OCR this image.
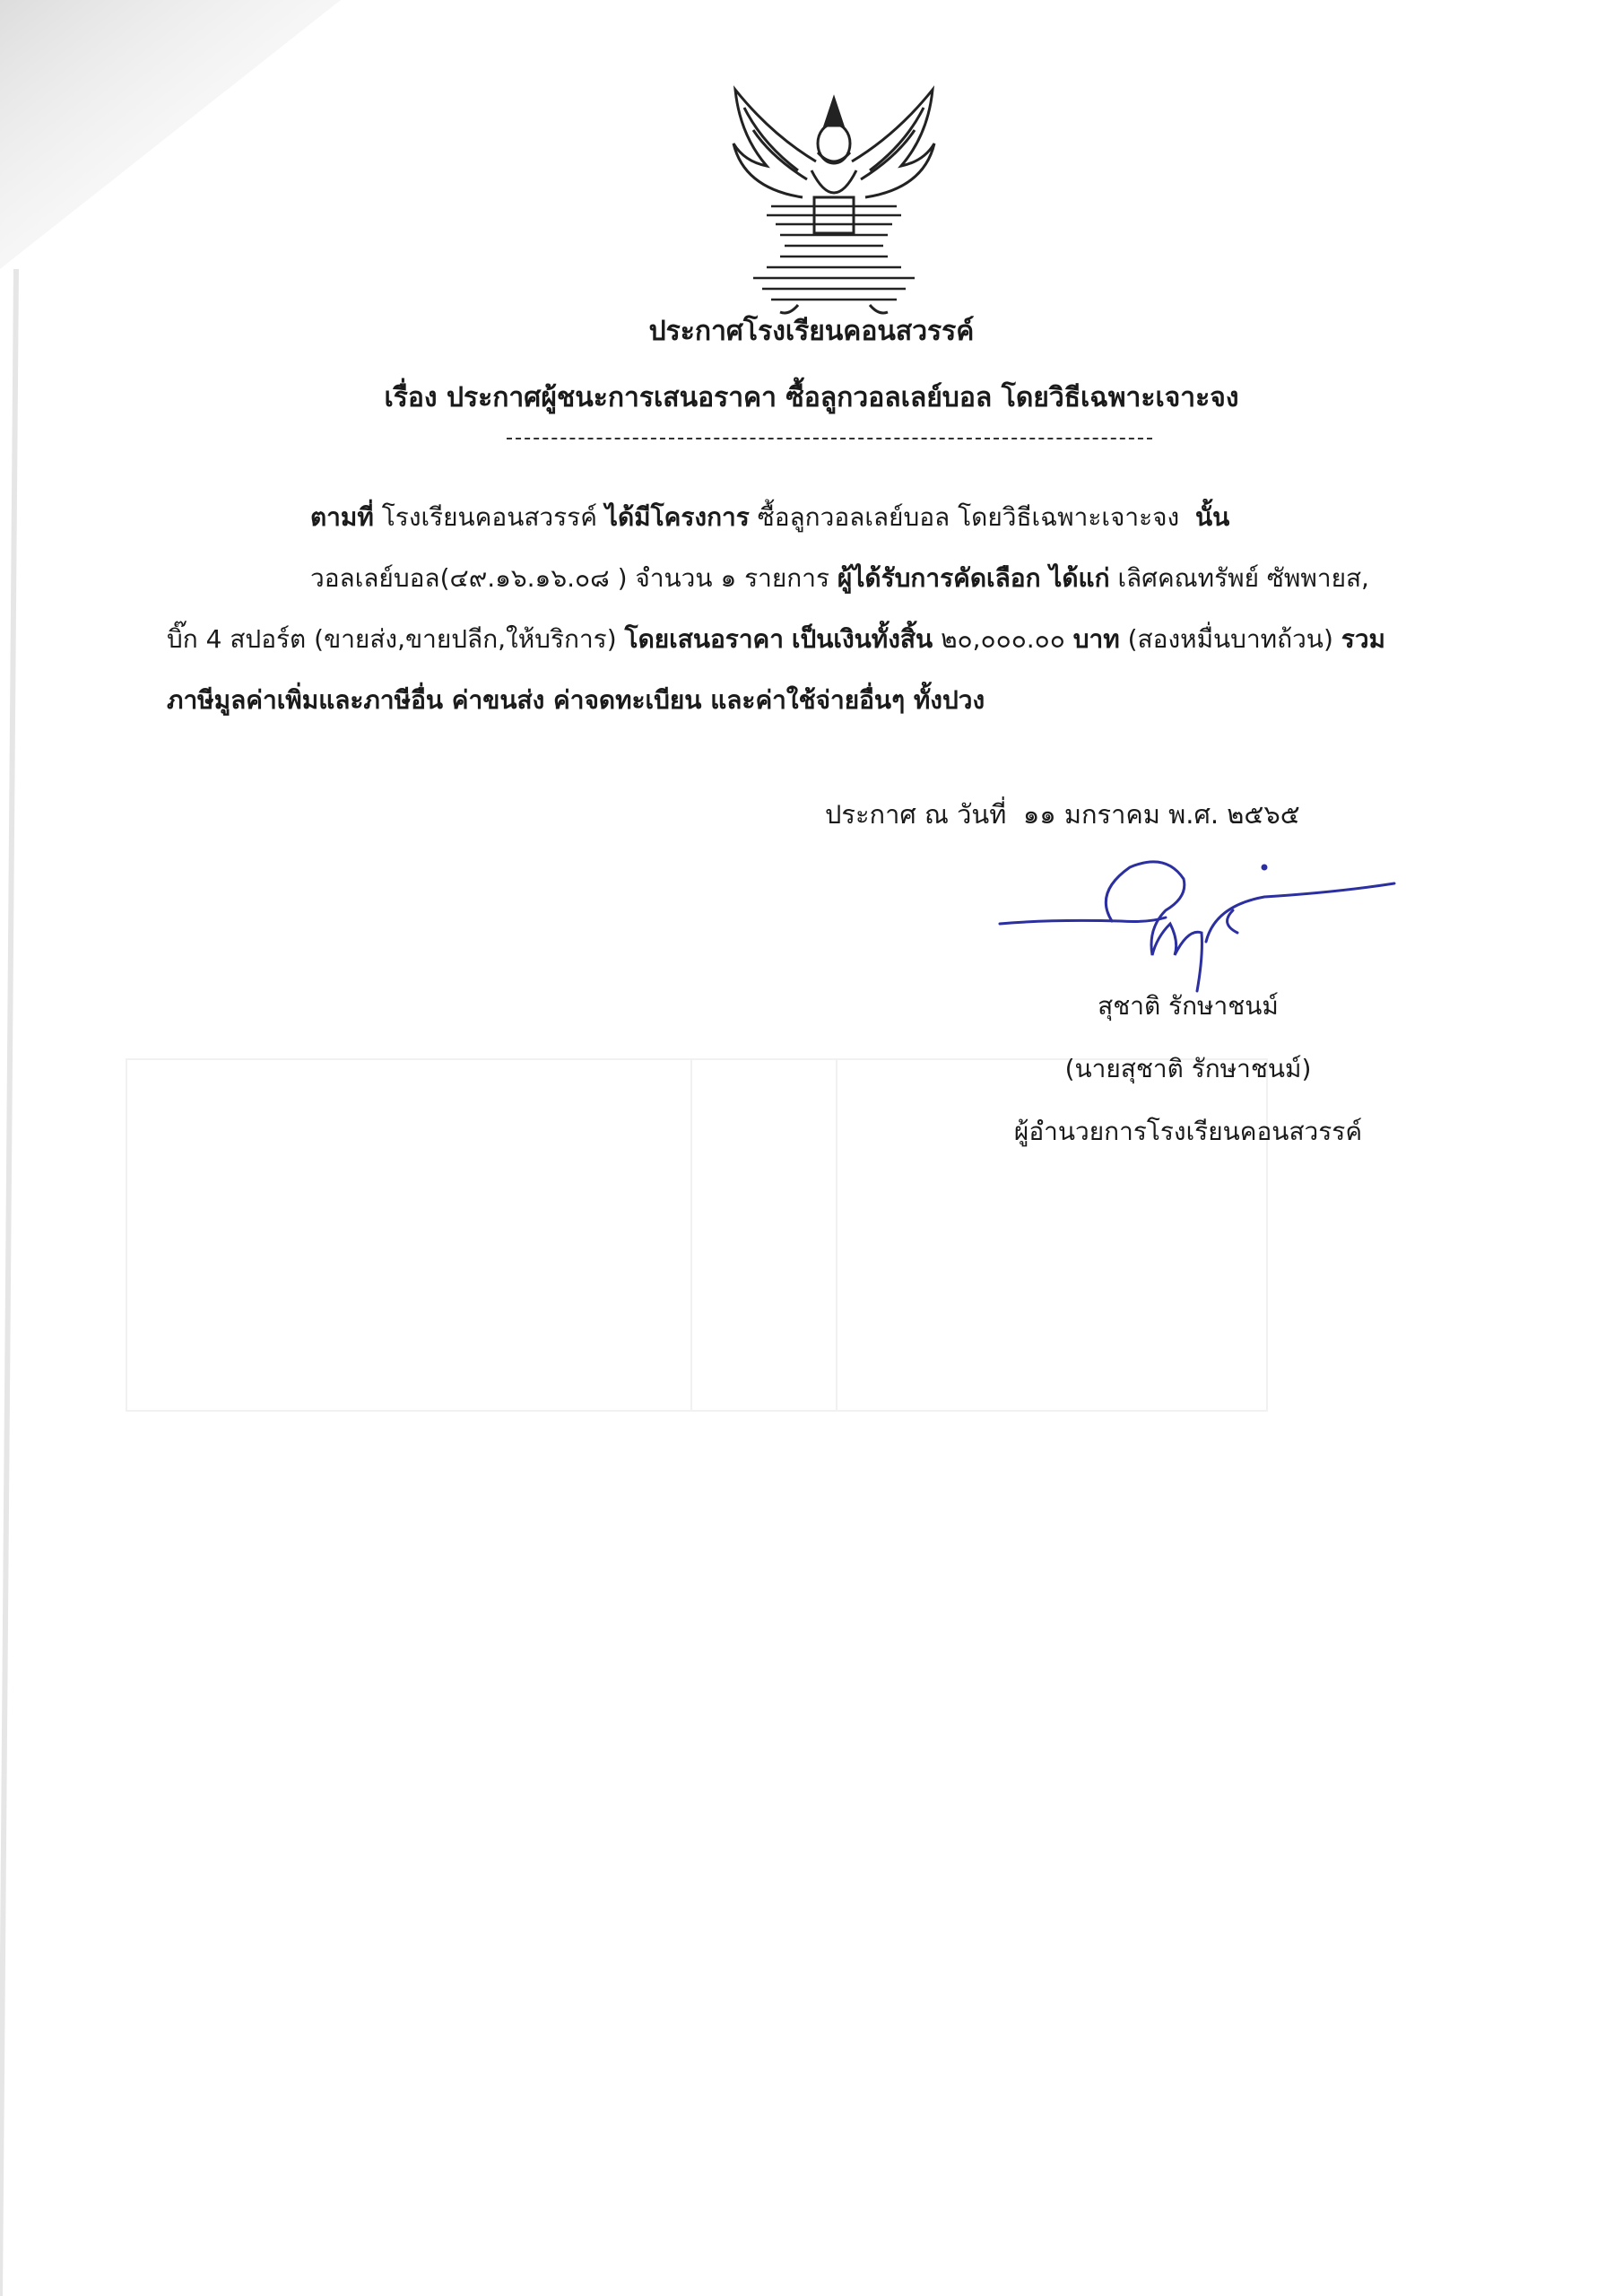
ประกาศโรงเรียนคอนสวรรค์
เรื่อง ประกาศผู้ชนะการเสนอราคา ซื้อลูกวอลเลย์บอล โดยวิธีเฉพาะเจาะจง
ตามที่ โรงเรียนคอนสวรรค์ ได้มีโครงการ ซื้อลูกวอลเลย์บอล โดยวิธีเฉพาะเจาะจง นั้น
วอลเลย์บอล(๔๙.๑๖.๑๖.๐๘ ) จำนวน ๑ รายการ ผู้ได้รับการคัดเลือก ได้แก่ เลิศคณทรัพย์ ซัพพายส,
บิ๊ก 4 สปอร์ต (ขายส่ง,ขายปลีก,ให้บริการ) โดยเสนอราคา เป็นเงินทั้งสิ้น ๒๐,๐๐๐.๐๐ บาท (สองหมื่นบาทถ้วน) รวม
ภาษีมูลค่าเพิ่มและภาษีอื่น ค่าขนส่ง ค่าจดทะเบียน และค่าใช้จ่ายอื่นๆ ทั้งปวง
ประกาศ ณ วันที่ ๑๑ มกราคม พ.ศ. ๒๕๖๕
สุชาติ รักษาชนม์
(นายสุชาติ รักษาชนม์)
ผู้อำนวยการโรงเรียนคอนสวรรค์
